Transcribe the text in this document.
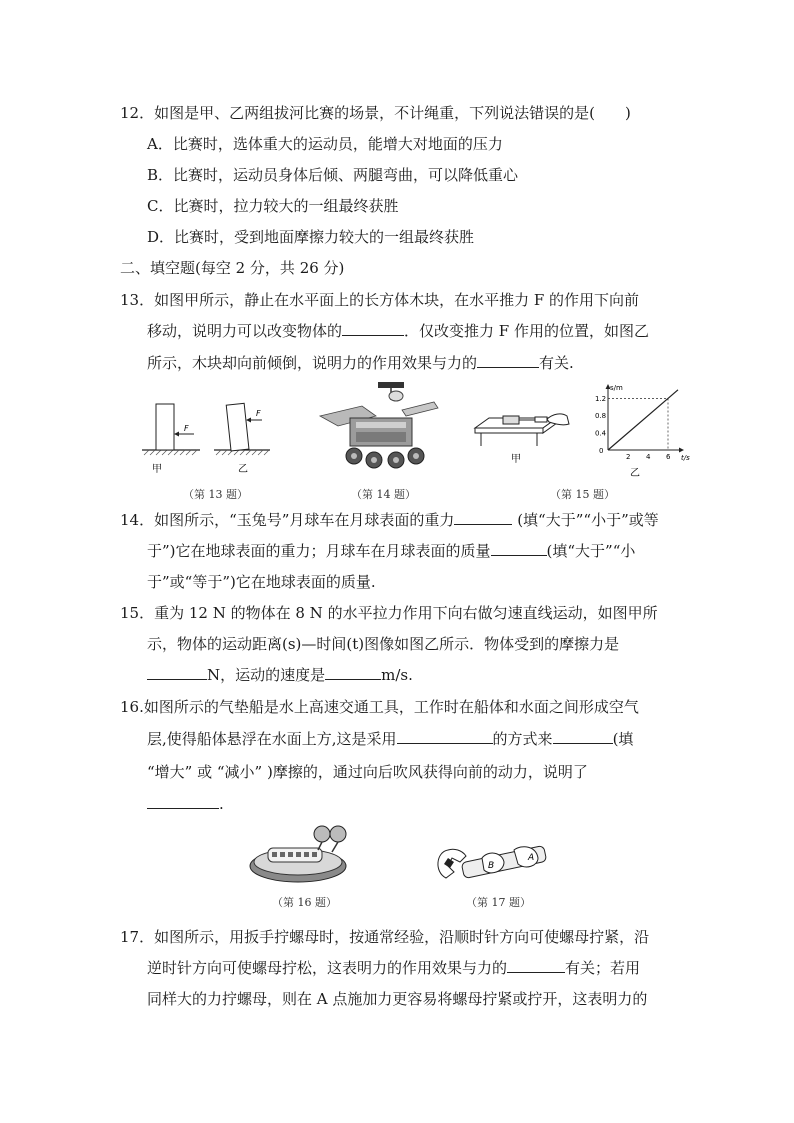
12．如图是甲、乙两组拔河比赛的场景，不计绳重，下列说法错误的是(　　)
A．比赛时，选体重大的运动员，能增大对地面的压力
B．比赛时，运动员身体后倾、两腿弯曲，可以降低重心
C．比赛时，拉力较大的一组最终获胜
D．比赛时，受到地面摩擦力较大的一组最终获胜
二、填空题(每空 2 分，共 26 分)
13．如图甲所示，静止在水平面上的长方体木块，在水平推力 F 的作用下向前
移动，说明力可以改变物体的	．仅改变推力 F 作用的位置，如图乙
所示，木块却向前倾倒，说明力的作用效果与力的	有关.
F
甲
F
乙
（第 13 题）	（第 14 题）
甲
s/m
t/s
0
2 4 6
0.4
0.8
1.2
乙
（第 15 题）
14．如图所示，“玉兔号”月球车在月球表面的重力	(填“大于”“小于”或等
于”)它在地球表面的重力；月球车在月球表面的质量	(填“大于”“小
于”或“等于”)它在地球表面的质量.
15．重为 12 N 的物体在 8 N 的水平拉力作用下向右做匀速直线运动，如图甲所
示，物体的运动距离(s)—时间(t)图像如图乙所示．物体受到的摩擦力是
N，运动的速度是	m/s.
16.如图所示的气垫船是水上高速交通工具，工作时在船体和水面之间形成空气
层,使得船体悬浮在水面上方,这是采用	的方式来	(填
“增大” 或 “减小” )摩擦的，通过向后吹风获得向前的动力，说明了
.
（第 16 题）
B
A
（第 17 题）
17．如图所示，用扳手拧螺母时，按通常经验，沿顺时针方向可使螺母拧紧，沿
逆时针方向可使螺母拧松，这表明力的作用效果与力的	有关；若用
同样大的力拧螺母，则在 A 点施加力更容易将螺母拧紧或拧开，这表明力的
